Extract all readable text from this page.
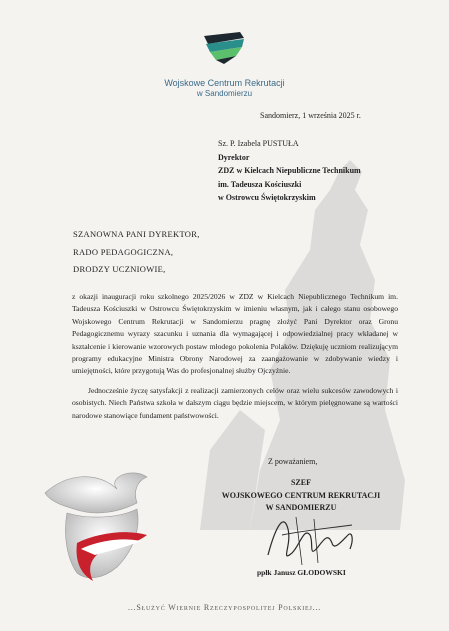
Wojskowe Centrum Rekrutacji
w Sandomierzu
Sandomierz, 1 września 2025 r.
Sz. P. Izabela PUSTUŁA
Dyrektor
ZDZ w Kielcach Niepubliczne Technikum
im. Tadeusza Kościuszki
w Ostrowcu Świętokrzyskim
SZANOWNA PANI DYREKTOR,
RADO PEDAGOGICZNA,
DRODZY UCZNIOWIE,

z okazji inauguracji roku szkolnego 2025/2026 w ZDZ w Kielcach Niepublicznego Technikum im. Tadeusza Kościuszki w Ostrowcu Świętokrzyskim w imieniu własnym, jak i całego stanu osobowego Wojskowego Centrum Rekrutacji w Sandomierzu pragnę złożyć Pani Dyrektor oraz Gronu Pedagogicznemu wyrazy szacunku i uznania dla wymagającej i odpowiedzialnej pracy wkładanej w kształcenie i kierowanie wzorowych postaw młodego pokolenia Polaków. Dziękuję uczniom realizującym programy edukacyjne Ministra Obrony Narodowej za zaangażowanie w zdobywanie wiedzy i umiejętności, które przygotują Was do profesjonalnej służby Ojczyźnie.

Jednocześnie życzę satysfakcji z realizacji zamierzonych celów oraz wielu sukcesów zawodowych i osobistych. Niech Państwa szkoła w dalszym ciągu będzie miejscem, w którym pielęgnowane są wartości narodowe stanowiące fundament państwowości.

Z poważaniem,
SZEF
WOJSKOWEGO CENTRUM REKRUTACJI
W SANDOMIERZU
ppłk Janusz GŁODOWSKI
...Służyć Wiernie Rzeczypospolitej Polskiej...
